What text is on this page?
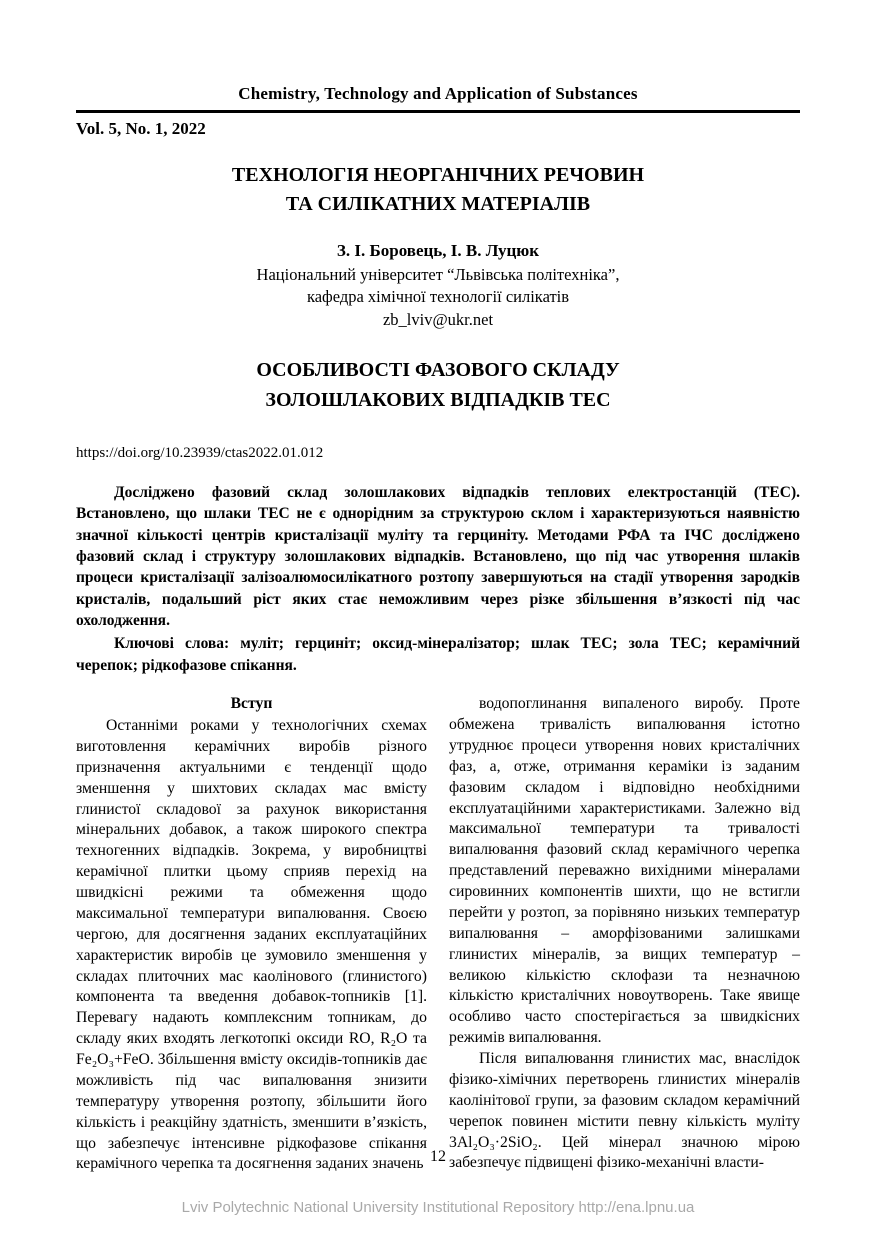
Chemistry, Technology and Application of Substances
Vol. 5, No. 1, 2022
ТЕХНОЛОГІЯ НЕОРГАНІЧНИХ РЕЧОВИН
ТА СИЛІКАТНИХ МАТЕРІАЛІВ
З. І. Боровець, І. В. Луцюк
Національний університет “Львівська політехніка”,
кафедра хімічної технології силікатів
zb_lviv@ukr.net
ОСОБЛИВОСТІ ФАЗОВОГО СКЛАДУ
ЗОЛОШЛАКОВИХ ВІДПАДКІВ ТЕС
https://doi.org/10.23939/ctas2022.01.012

Досліджено фазовий склад золошлакових відпадків теплових електростанцій (ТЕС). Встановлено, що шлаки ТЕС не є однорідним за структурою склом і характеризуються наявністю значної кількості центрів кристалізації муліту та герциніту. Методами РФА та ІЧС досліджено фазовий склад і структуру золошлакових відпадків. Встановлено, що під час утворення шлаків процеси кристалізації залізоалюмосилікатного розтопу завершуються на стадії утворення зародків кристалів, подальший ріст яких стає неможливим через різке збільшення в’язкості під час охолодження.

Ключові слова: муліт; герциніт; оксид-мінералізатор; шлак ТЕС; зола ТЕС; керамічний черепок; рідкофазове спікання.

Вступ

Останніми роками у технологічних схемах виготовлення керамічних виробів різного призначення актуальними є тенденції щодо зменшення у шихтових складах мас вмісту глинистої складової за рахунок використання мінеральних добавок, а також широкого спектра техногенних відпадків. Зокрема, у виробництві керамічної плитки цьому сприяв перехід на швидкісні режими та обмеження щодо максимальної температури випалювання. Своєю чергою, для досягнення заданих експлуатаційних характеристик виробів це зумовило зменшення у складах плиточних мас каолінового (глинистого) компонента та введення добавок-топників [1]. Перевагу надають комплексним топникам, до складу яких входять легкотопкі оксиди RO, R₂O та Fe₂O₃+FeO. Збільшення вмісту оксидів-топників дає можливість під час випалювання знизити температуру утворення розтопу, збільшити його кількість і реакційну здатність, зменшити в’язкість, що забезпечує інтенсивне рідкофазове спікання керамічного черепка та досягнення заданих значень

водопоглинання випаленого виробу. Проте обмежена тривалість випалювання істотно утруднює процеси утворення нових кристалічних фаз, а, отже, отримання кераміки із заданим фазовим складом і відповідно необхідними експлуатаційними характеристиками. Залежно від максимальної температури та тривалості випалювання фазовий склад керамічного черепка представлений переважно вихідними мінералами сировинних компонентів шихти, що не встигли перейти у розтоп, за порівняно низьких температур випалювання – аморфізованими залишками глинистих мінералів, за вищих температур – великою кількістю склофази та незначною кількістю кристалічних новоутворень. Таке явище особливо часто спостерігається за швидкісних режимів випалювання.

Після випалювання глинистих мас, внаслідок фізико-хімічних перетворень глинистих мінералів каолінітової групи, за фазовим складом керамічний черепок повинен містити певну кількість муліту 3Al₂O₃·2SiO₂. Цей мінерал значною мірою забезпечує підвищені фізико-механічні власти-

12
Lviv Polytechnic National University Institutional Repository http://ena.lpnu.ua
